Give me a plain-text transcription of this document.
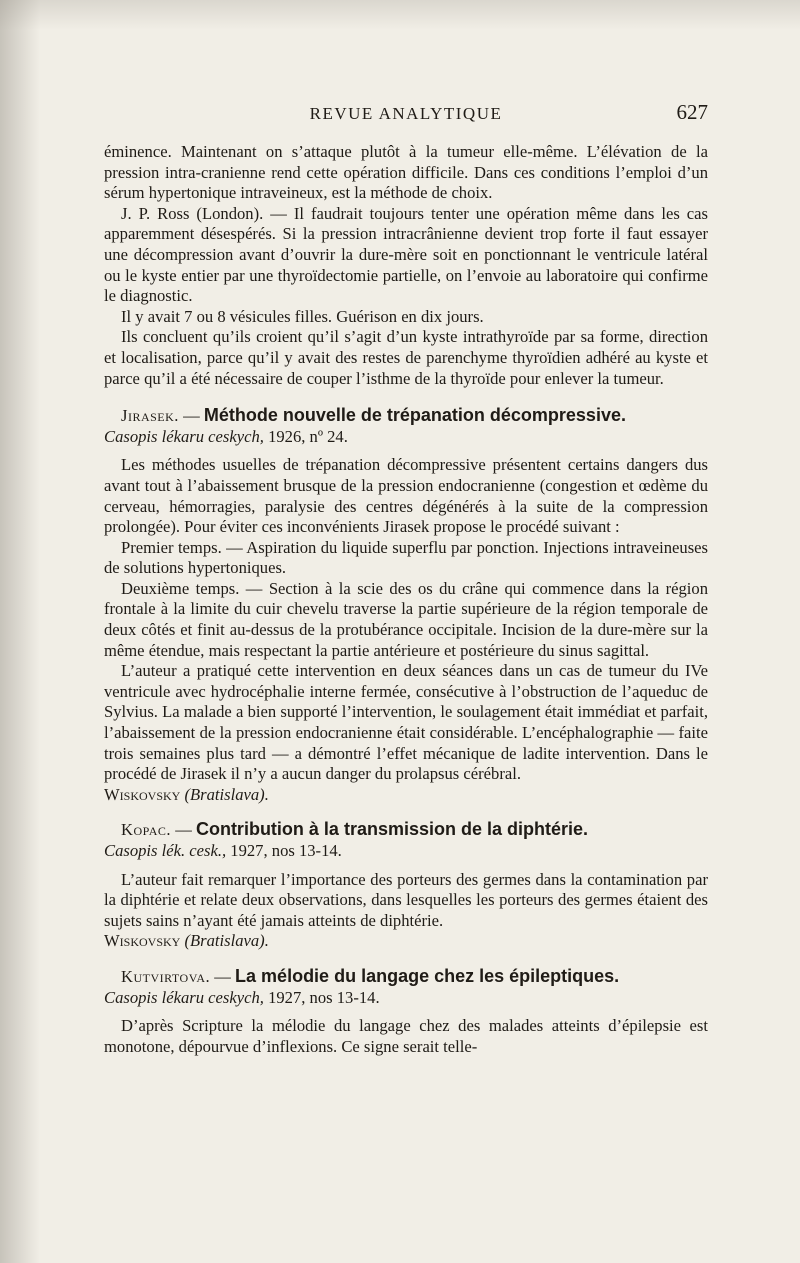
REVUE ANALYTIQUE	627

éminence. Maintenant on s’attaque plutôt à la tumeur elle-même. L’élévation de la pression intra-cranienne rend cette opération difficile. Dans ces conditions l’emploi d’un sérum hypertonique intraveineux, est la méthode de choix.

J. P. Ross (London). — Il faudrait toujours tenter une opération même dans les cas apparemment désespérés. Si la pression intracrânienne devient trop forte il faut essayer une décompression avant d’ouvrir la dure-mère soit en ponctionnant le ventricule latéral ou le kyste entier par une thyroïdectomie partielle, on l’envoie au laboratoire qui confirme le diagnostic.

Il y avait 7 ou 8 vésicules filles. Guérison en dix jours.

Ils concluent qu’ils croient qu’il s’agit d’un kyste intrathyroïde par sa forme, direction et localisation, parce qu’il y avait des restes de parenchyme thyroïdien adhéré au kyste et parce qu’il a été nécessaire de couper l’isthme de la thyroïde pour enlever la tumeur.

Jirasek. — Méthode nouvelle de trépanation décompressive.

Casopis lékaru ceskych, 1926, nº 24.

Les méthodes usuelles de trépanation décompressive présentent certains dangers dus avant tout à l’abaissement brusque de la pression endocranienne (congestion et œdème du cerveau, hémorragies, paralysie des centres dégénérés à la suite de la compression prolongée). Pour éviter ces inconvénients Jirasek propose le procédé suivant :

Premier temps. — Aspiration du liquide superflu par ponction. Injections intraveineuses de solutions hypertoniques.

Deuxième temps. — Section à la scie des os du crâne qui commence dans la région frontale à la limite du cuir chevelu traverse la partie supérieure de la région temporale de deux côtés et finit au-dessus de la protubérance occipitale. Incision de la dure-mère sur la même étendue, mais respectant la partie antérieure et postérieure du sinus sagittal.

L’auteur a pratiqué cette intervention en deux séances dans un cas de tumeur du IVe ventricule avec hydrocéphalie interne fermée, consécutive à l’obstruction de l’aqueduc de Sylvius. La malade a bien supporté l’intervention, le soulagement était immédiat et parfait, l’abaissement de la pression endocranienne était considérable. L’encéphalographie — faite trois semaines plus tard — a démontré l’effet mécanique de ladite intervention. Dans le procédé de Jirasek il n’y a aucun danger du prolapsus cérébral.

Wiskovsky (Bratislava).

Kopac. — Contribution à la transmission de la diphtérie.

Casopis lék. cesk., 1927, nos 13-14.

L’auteur fait remarquer l’importance des porteurs des germes dans la contamination par la diphtérie et relate deux observations, dans lesquelles les porteurs des germes étaient des sujets sains n’ayant été jamais atteints de diphtérie.

Wiskovsky (Bratislava).

Kutvirtova. — La mélodie du langage chez les épileptiques.

Casopis lékaru ceskych, 1927, nos 13-14.

D’après Scripture la mélodie du langage chez des malades atteints d’épilepsie est monotone, dépourvue d’inflexions. Ce signe serait telle-
